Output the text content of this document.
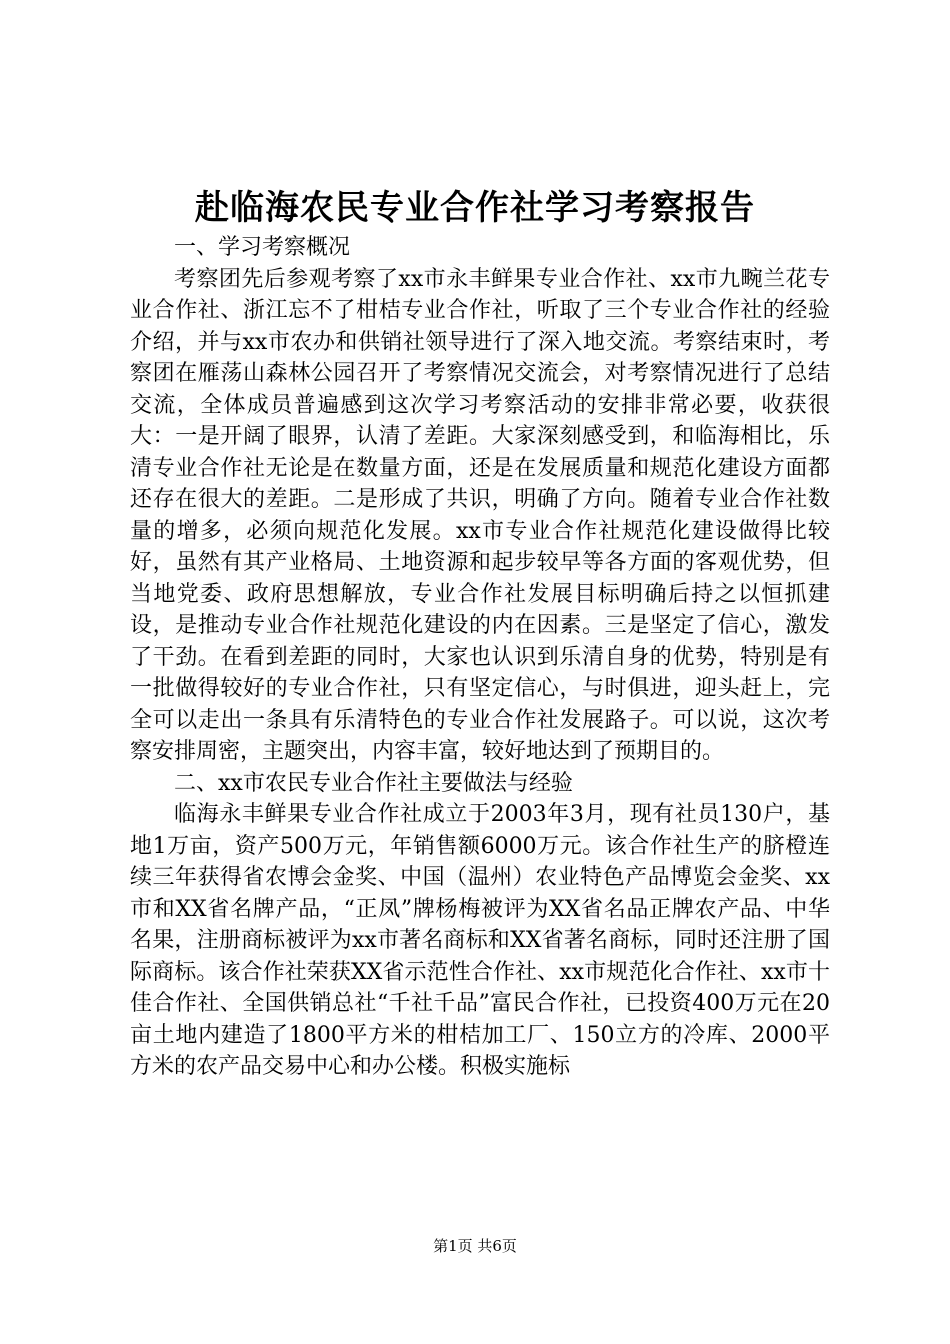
赴临海农民专业合作社学习考察报告

一、学习考察概况

考察团先后参观考察了xx市永丰鲜果专业合作社、xx市九畹兰花专业合作社、浙江忘不了柑桔专业合作社，听取了三个专业合作社的经验介绍，并与xx市农办和供销社领导进行了深入地交流。考察结束时，考察团在雁荡山森林公园召开了考察情况交流会，对考察情况进行了总结交流，全体成员普遍感到这次学习考察活动的安排非常必要，收获很大：一是开阔了眼界，认清了差距。大家深刻感受到，和临海相比，乐清专业合作社无论是在数量方面，还是在发展质量和规范化建设方面都还存在很大的差距。二是形成了共识，明确了方向。随着专业合作社数量的增多，必须向规范化发展。xx市专业合作社规范化建设做得比较好，虽然有其产业格局、土地资源和起步较早等各方面的客观优势，但当地党委、政府思想解放，专业合作社发展目标明确后持之以恒抓建设，是推动专业合作社规范化建设的内在因素。三是坚定了信心，激发了干劲。在看到差距的同时，大家也认识到乐清自身的优势，特别是有一批做得较好的专业合作社，只有坚定信心，与时俱进，迎头赶上，完全可以走出一条具有乐清特色的专业合作社发展路子。可以说，这次考察安排周密，主题突出，内容丰富，较好地达到了预期目的。

二、xx市农民专业合作社主要做法与经验

临海永丰鲜果专业合作社成立于2003年3月，现有社员130户，基地1万亩，资产500万元，年销售额6000万元。该合作社生产的脐橙连续三年获得省农博会金奖、中国（温州）农业特色产品博览会金奖、xx市和XX省名牌产品，“正凤”牌杨梅被评为XX省名品正牌农产品、中华名果，注册商标被评为xx市著名商标和XX省著名商标，同时还注册了国际商标。该合作社荣获XX省示范性合作社、xx市规范化合作社、xx市十佳合作社、全国供销总社“千社千品”富民合作社，已投资400万元在20亩土地内建造了1800平方米的柑桔加工厂、150立方的冷库、2000平方米的农产品交易中心和办公楼。积极实施标

第1页 共6页
